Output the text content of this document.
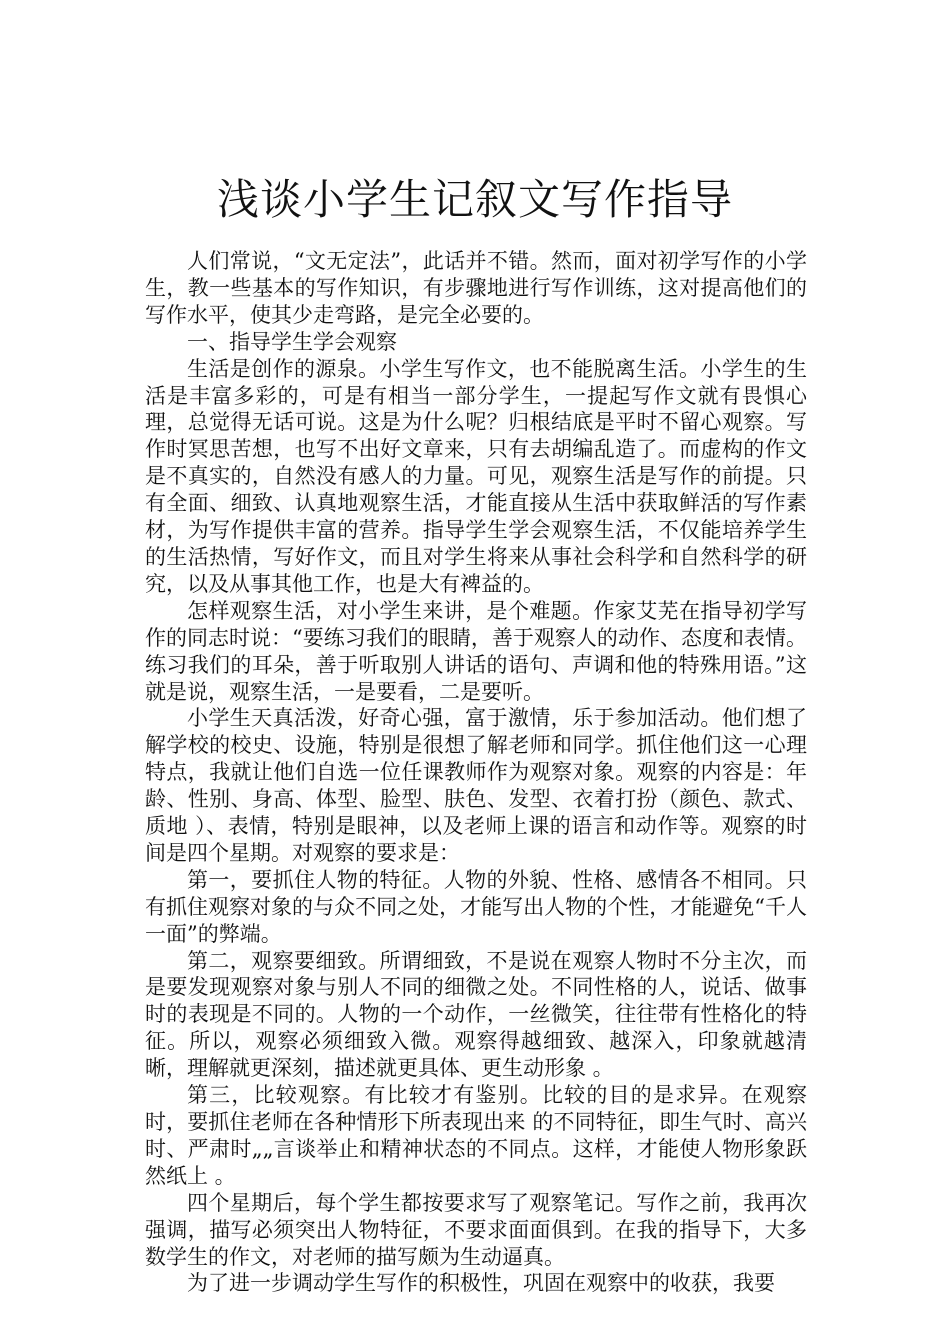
浅谈小学生记叙文写作指导

人们常说，“文无定法”，此话并不错。然而，面对初学写作的小学生，教一些基本的写作知识，有步骤地进行写作训练，这对提高他们的写作水平，使其少走弯路，是完全必要的。

一、指导学生学会观察

生活是创作的源泉。小学生写作文，也不能脱离生活。小学生的生活是丰富多彩的，可是有相当一部分学生，一提起写作文就有畏惧心理，总觉得无话可说。这是为什么呢？归根结底是平时不留心观察。写作时冥思苦想，也写不出好文章来，只有去胡编乱造了。而虚构的作文是不真实的，自然没有感人的力量。可见，观察生活是写作的前提。只有全面、细致、认真地观察生活，才能直接从生活中获取鲜活的写作素材，为写作提供丰富的营养。指导学生学会观察生活，不仅能培养学生的生活热情，写好作文，而且对学生将来从事社会科学和自然科学的研究，以及从事其他工作，也是大有裨益的。

怎样观察生活，对小学生来讲，是个难题。作家艾芜在指导初学写作的同志时说：“要练习我们的眼睛，善于观察人的动作、态度和表情。练习我们的耳朵，善于听取别人讲话的语句、声调和他的特殊用语。”这就是说，观察生活，一是要看，二是要听。

小学生天真活泼，好奇心强，富于激情，乐于参加活动。他们想了解学校的校史、设施，特别是很想了解老师和同学。抓住他们这一心理特点，我就让他们自选一位任课教师作为观察对象。观察的内容是：年龄、性别、身高、体型、脸型、肤色、发型、衣着打扮（颜色、款式、质地 ）、表情，特别是眼神，以及老师上课的语言和动作等。观察的时间是四个星期。对观察的要求是：

第一，要抓住人物的特征。人物的外貌、性格、感情各不相同。只有抓住观察对象的与众不同之处，才能写出人物的个性，才能避免“千人一面”的弊端。

第二，观察要细致。所谓细致，不是说在观察人物时不分主次，而是要发现观察对象与别人不同的细微之处。不同性格的人，说话、做事时的表现是不同的。人物的一个动作，一丝微笑，往往带有性格化的特征。所以，观察必须细致入微。观察得越细致、越深入，印象就越清晰，理解就更深刻，描述就更具体、更生动形象 。

第三，比较观察。有比较才有鉴别。比较的目的是求异。在观察时，要抓住老师在各种情形下所表现出来 的不同特征，即生气时、高兴时、严肃时„„言谈举止和精神状态的不同点。这样，才能使人物形象跃然纸上 。

四个星期后，每个学生都按要求写了观察笔记。写作之前，我再次强调，描写必须突出人物特征，不要求面面俱到。在我的指导下，大多数学生的作文，对老师的描写颇为生动逼真。

为了进一步调动学生写作的积极性，巩固在观察中的收获，我要
